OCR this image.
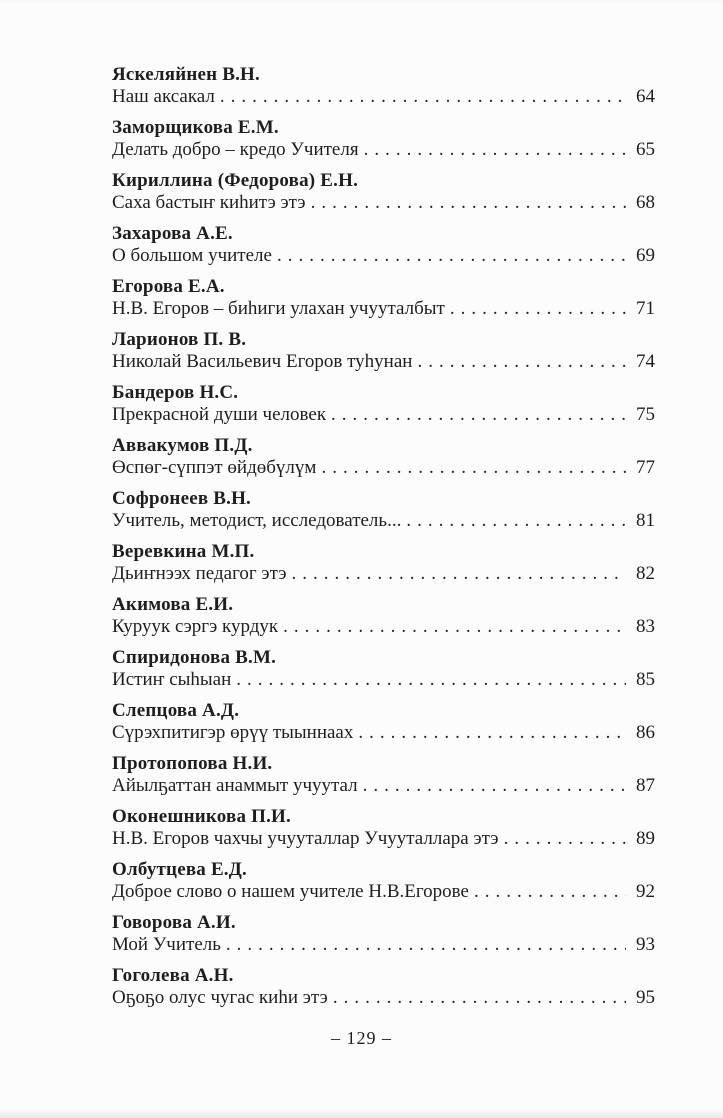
Яскеляйнен В.Н.
Наш аксакал .....	64
Заморщикова Е.М.
Делать добро – кредо Учителя .....	65
Кириллина (Федорова) Е.Н.
Саха бастыҥ киһитэ этэ .....	68
Захарова А.Е.
О большом учителе .....	69
Егорова Е.А.
Н.В. Егоров – биһиги улахан учууталбыт .....	71
Ларионов П. В.
Николай Васильевич Егоров туһунан .....	74
Бандеров Н.С.
Прекрасной души человек .....	75
Аввакумов П.Д.
Өспөг-сүппэт өйдөбүлүм .....	77
Софронеев В.Н.
Учитель, методист, исследователь... .....	81
Веревкина М.П.
Дьиҥнээх педагог этэ .....	82
Акимова Е.И.
Куруук сэргэ курдук .....	83
Спиридонова В.М.
Истиҥ сыһыан .....	85
Слепцова А.Д.
Сүрэхпитигэр өрүү тыыннаах .....	86
Протопопова Н.И.
Айылҕаттан анаммыт учуутал .....	87
Оконешникова П.И.
Н.В. Егоров чахчы учууталлар Учууталлара этэ .....	89
Олбутцева Е.Д.
Доброе слово о нашем учителе Н.В.Егорове .....	92
Говорова А.И.
Мой Учитель .....	93
Гоголева А.Н.
Оҕоҕо олус чугас киһи этэ .....	95
– 129 –
